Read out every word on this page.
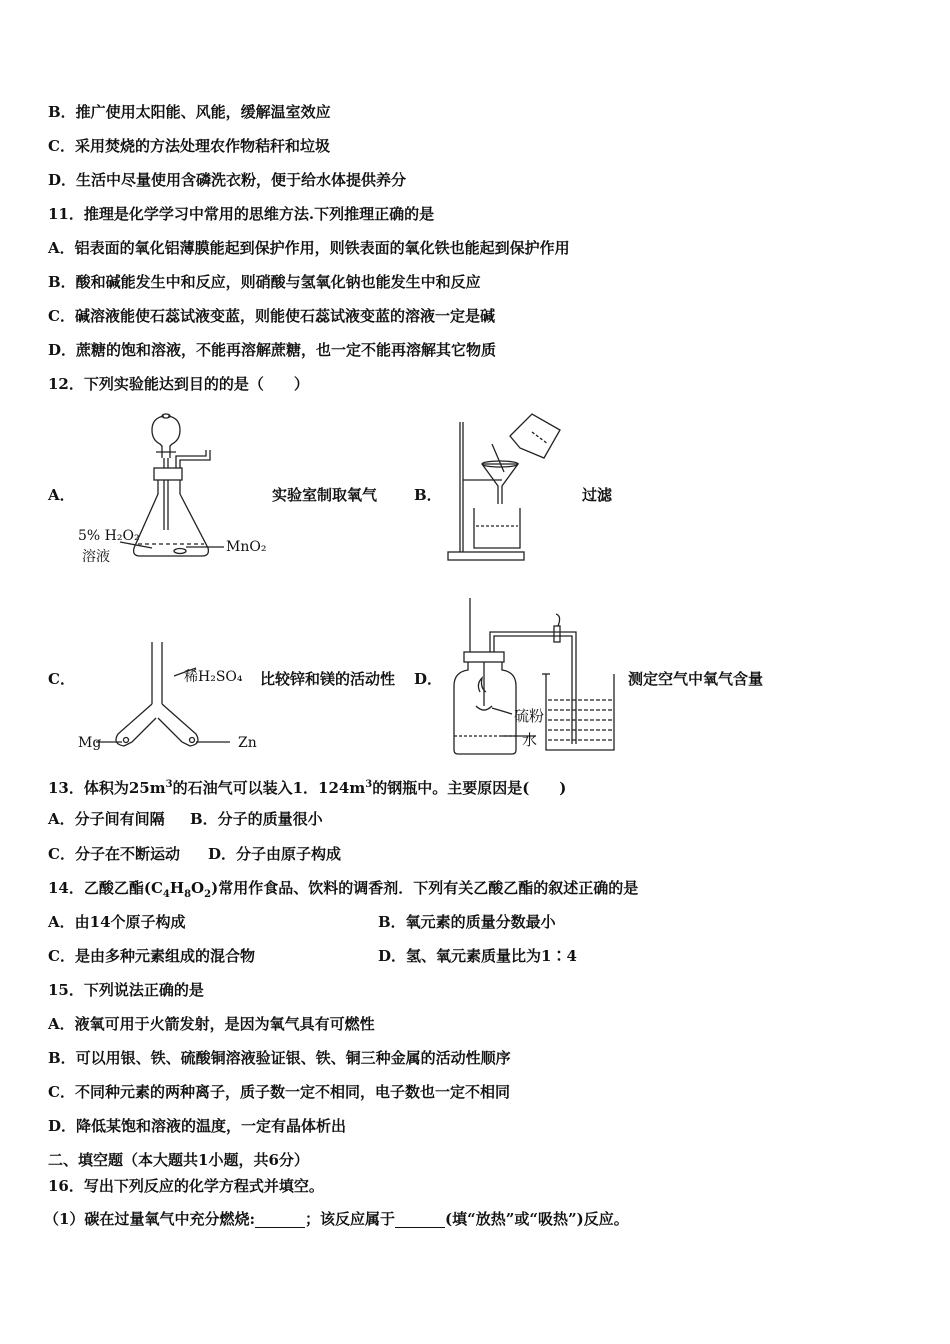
B．推广使用太阳能、风能，缓解温室效应
C．采用焚烧的方法处理农作物秸秆和垃圾
D．生活中尽量使用含磷洗衣粉，便于给水体提供养分
11．推理是化学学习中常用的思维方法.下列推理正确的是
A．铝表面的氧化铝薄膜能起到保护作用，则铁表面的氧化铁也能起到保护作用
B．酸和碱能发生中和反应，则硝酸与氢氧化钠也能发生中和反应
C．碱溶液能使石蕊试液变蓝，则能使石蕊试液变蓝的溶液一定是碱
D．蔗糖的饱和溶液，不能再溶解蔗糖，也一定不能再溶解其它物质
12．下列实验能达到目的的是（　　）
A．
5% H₂O₂
溶液
MnO₂
实验室制取氧气 B．	过滤
C．	稀H₂SO₄
Mg	Zn
比较锌和镁的活动性 D．
硫粉
水
测定空气中氧气含量
13．体积为$25m^3$的石油气可以装入1．$124m^3$的钢瓶中。主要原因是(　　)
A．分子间有间隔 B．分子的质量很小
C．分子在不断运动 D．分子由原子构成
14．乙酸乙酯$(C_4H_8O_2)$常用作食品、饮料的调香剂．下列有关乙酸乙酯的叙述正确的是
A．由14个原子构成	B．氧元素的质量分数最小
C．是由多种元素组成的混合物	D．氢、氧元素质量比为1∶4
15．下列说法正确的是
A．液氧可用于火箭发射，是因为氧气具有可燃性
B．可以用银、铁、硫酸铜溶液验证银、铁、铜三种金属的活动性顺序
C．不同种元素的两种离子，质子数一定不相同，电子数也一定不相同
D．降低某饱和溶液的温度，一定有晶体析出
二、填空题（本大题共1小题，共6分）
16．写出下列反应的化学方程式并填空。
（1）碳在过量氧气中充分燃烧:	；该反应属于	(填“放热”或“吸热”)反应。
